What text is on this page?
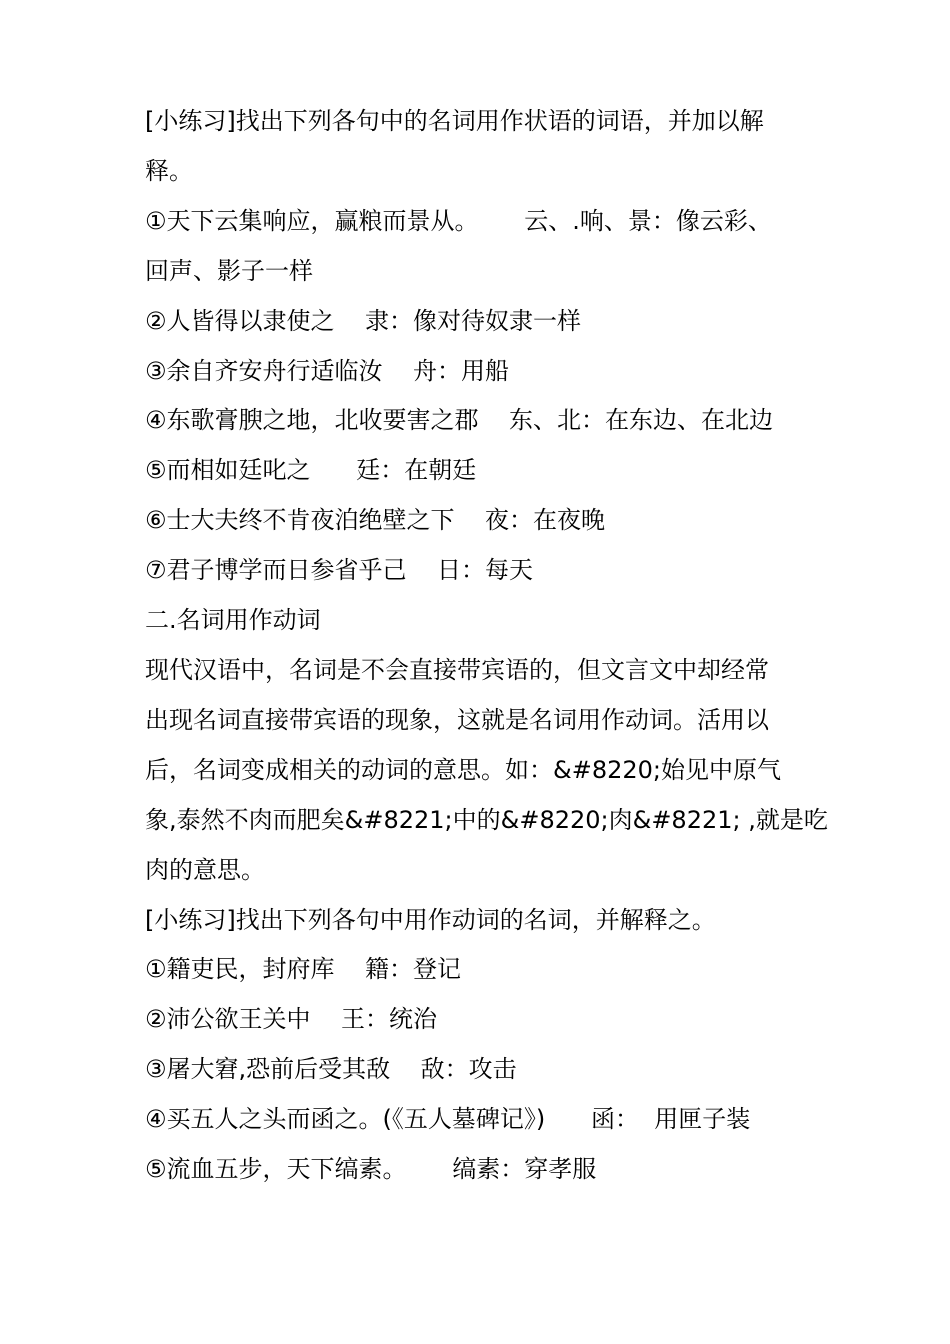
[小练习]找出下列各句中的名词用作状语的词语，并加以解
释。
①天下云集响应，赢粮而景从。      云、.响、景：像云彩、
回声、影子一样
②人皆得以隶使之    隶：像对待奴隶一样
③余自齐安舟行适临汝    舟：用船
④东歌膏腴之地，北收要害之郡    东、北：在东边、在北边
⑤而相如廷叱之      廷：在朝廷
⑥士大夫终不肯夜泊绝壁之下    夜：在夜晚
⑦君子博学而日参省乎己    日：每天
二.名词用作动词
现代汉语中，名词是不会直接带宾语的，但文言文中却经常
出现名词直接带宾语的现象，这就是名词用作动词。活用以
后，名词变成相关的动词的意思。如：&#8220;始见中原气
象,泰然不肉而肥矣&#8221;中的&#8220;肉&#8221; ,就是吃
肉的意思。
[小练习]找出下列各句中用作动词的名词，并解释之。
①籍吏民，封府库    籍：登记
②沛公欲王关中    王：统治
③屠大窘,恐前后受其敌    敌：攻击
④买五人之头而函之。(《五人墓碑记》)      函：  用匣子装
⑤流血五步，天下缟素。      缟素：穿孝服
